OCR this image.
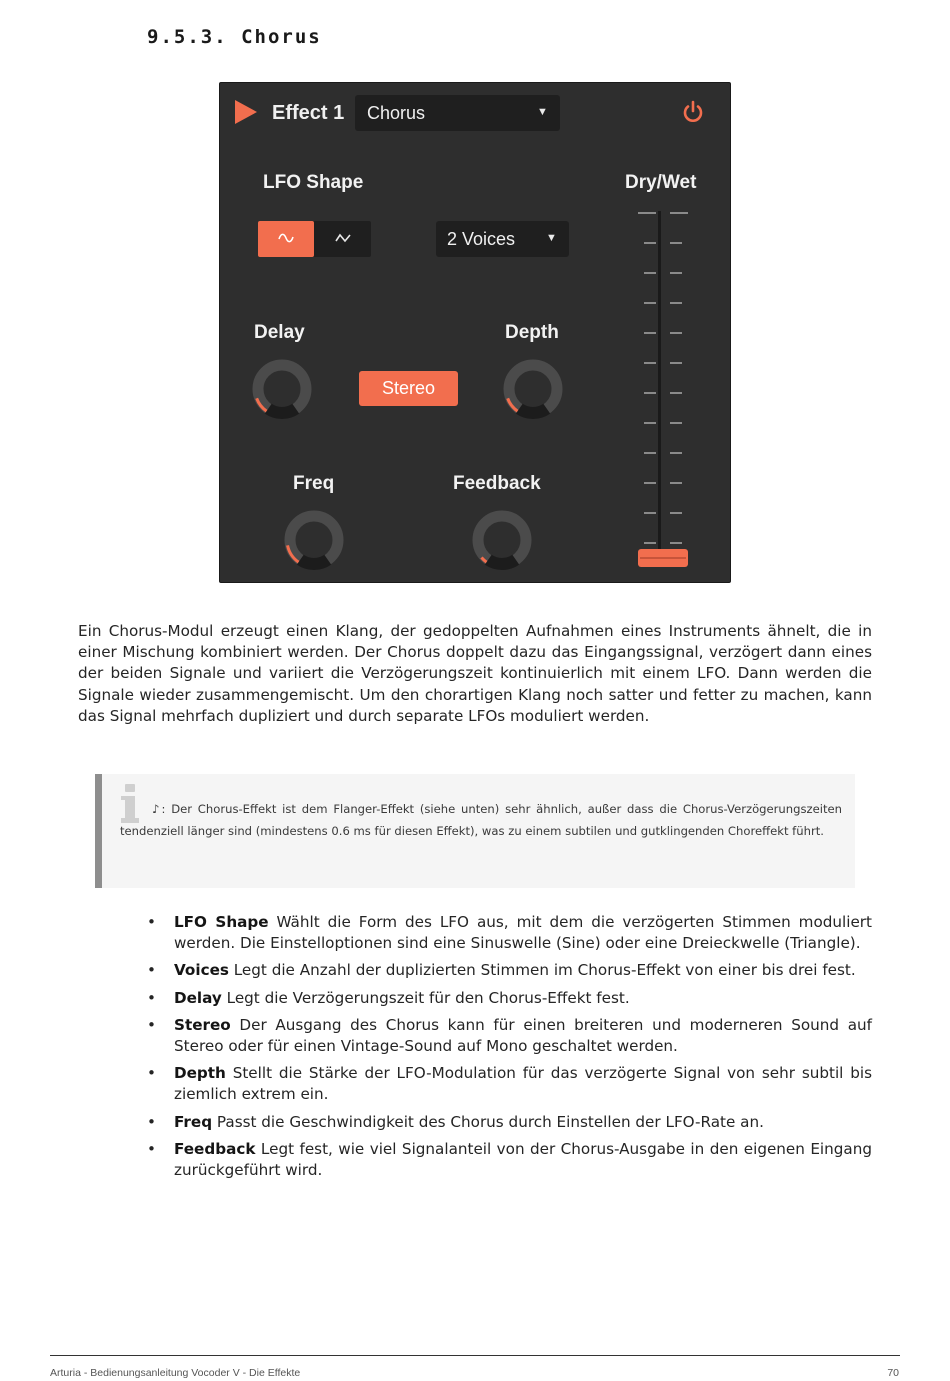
9.5.3. Chorus
Effect 1 Chorus	▼
LFO Shape	Dry/Wet
2 Voices	▼
Delay	Depth
Stereo
Freq	Feedback
Ein Chorus-Modul erzeugt einen Klang, der gedoppelten Aufnahmen eines Instruments ähnelt, die in einer Mischung kombiniert werden. Der Chorus doppelt dazu das Eingangssignal, verzögert dann eines der beiden Signale und variiert die Verzögerungszeit kontinuierlich mit einem LFO. Dann werden die Signale wieder zusammengemischt. Um den chorartigen Klang noch satter und fetter zu machen, kann das Signal mehrfach dupliziert und durch separate LFOs moduliert werden.
♪: Der Chorus-Effekt ist dem Flanger-Effekt (siehe unten) sehr ähnlich, außer dass die Chorus-Verzögerungszeiten tendenziell länger sind (mindestens 0.6 ms für diesen Effekt), was zu einem subtilen und gutklingenden Choreffekt führt.
• LFO Shape Wählt die Form des LFO aus, mit dem die verzögerten Stimmen moduliert werden. Die Einstelloptionen sind eine Sinuswelle (Sine) oder eine Dreieckwelle (Triangle).
• Voices Legt die Anzahl der duplizierten Stimmen im Chorus-Effekt von einer bis drei fest.
• Delay Legt die Verzögerungszeit für den Chorus-Effekt fest.
• Stereo Der Ausgang des Chorus kann für einen breiteren und moderneren Sound auf Stereo oder für einen Vintage-Sound auf Mono geschaltet werden.
• Depth Stellt die Stärke der LFO-Modulation für das verzögerte Signal von sehr subtil bis ziemlich extrem ein.
• Freq Passt die Geschwindigkeit des Chorus durch Einstellen der LFO-Rate an.
• Feedback Legt fest, wie viel Signalanteil von der Chorus-Ausgabe in den eigenen Eingang zurückgeführt wird.
Arturia - Bedienungsanleitung Vocoder V - Die Effekte	70
